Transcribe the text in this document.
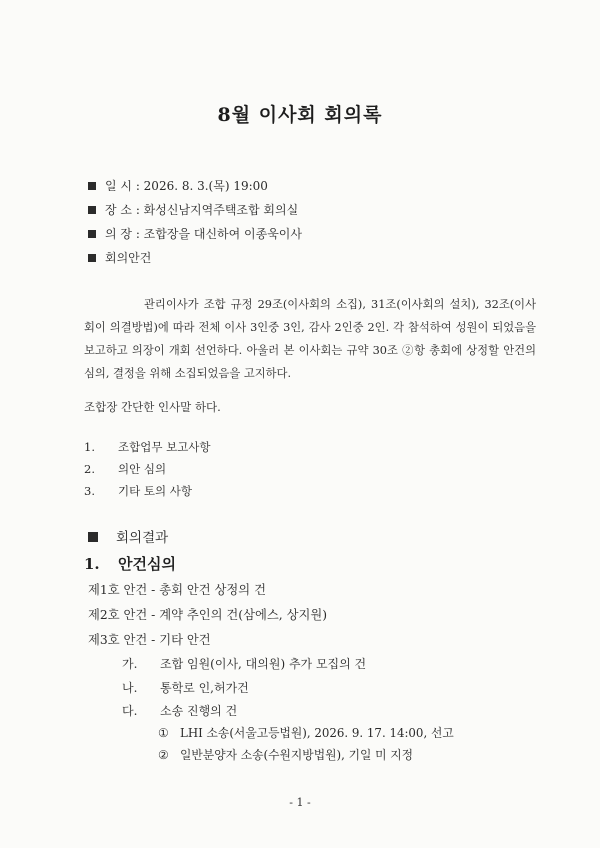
8월 이사회 회의록
일 시 : 2026. 8. 3.(목) 19:00
장 소 : 화성신남지역주택조합 회의실
의 장 : 조합장을 대신하여 이종욱이사
회의안건
관리이사가 조합 규정 29조(이사회의 소집), 31조(이사회의 설치), 32조(이사회이 의결방법)에 따라 전체 이사 3인중 3인, 감사 2인중 2인. 각 참석하여 성원이 되었음을 보고하고 의장이 개회 선언하다. 아울러 본 이사회는 규약 30조 ②항 총회에 상정할 안건의 심의, 결정을 위해 소집되었음을 고지하다.
조합장 간단한 인사말 하다.
1. 조합업무 보고사항
2. 의안 심의
3. 기타 토의 사항
회의결과
1. 안건심의
제1호 안건 - 총회 안건 상정의 건
제2호 안건 - 계약 추인의 건(삼에스, 상지원)
제3호 안건 - 기타 안건
가. 조합 임원(이사, 대의원) 추가 모집의 건
나. 통학로 인,허가건
다. 소송 진행의 건
① LHI 소송(서울고등법원), 2026. 9. 17. 14:00, 선고
② 일반분양자 소송(수원지방법원), 기일 미 지정
- 1 -
